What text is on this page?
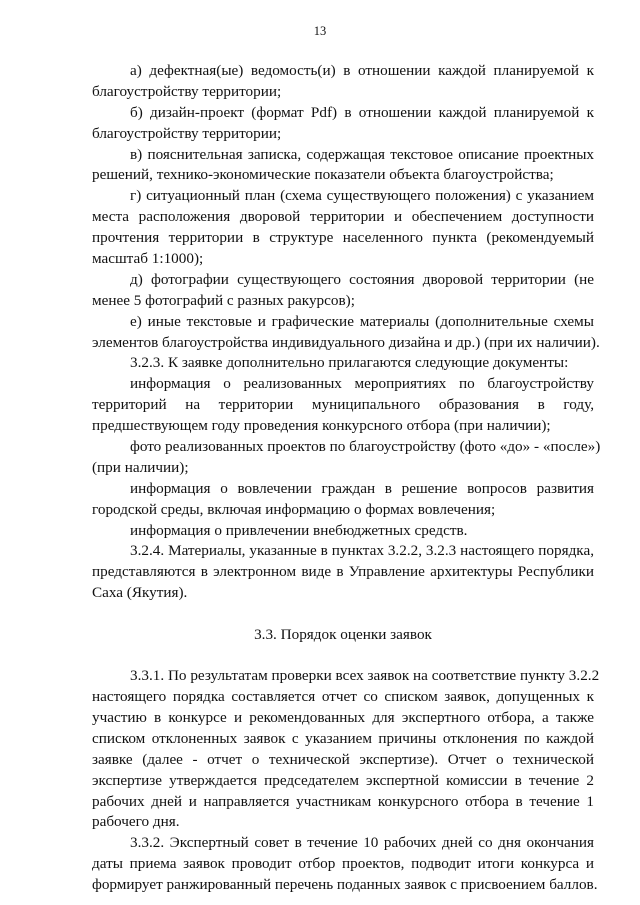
13
а) дефектная(ые) ведомость(и) в отношении каждой планируемой к
благоустройству территории;
б) дизайн-проект (формат Pdf) в отношении каждой планируемой к
благоустройству территории;
в) пояснительная записка, содержащая текстовое описание проектных
решений, технико-экономические показатели объекта благоустройства;
г) ситуационный план (схема существующего положения) с указанием
места расположения дворовой территории и обеспечением доступности
прочтения территории в структуре населенного пункта (рекомендуемый
масштаб 1:1000);
д) фотографии существующего состояния дворовой территории (не
менее 5 фотографий с разных ракурсов);
е) иные текстовые и графические материалы (дополнительные схемы
элементов благоустройства индивидуального дизайна и др.) (при их наличии).
3.2.3. К заявке дополнительно прилагаются следующие документы:
информация о реализованных мероприятиях по благоустройству
территорий на территории муниципального образования в году,
предшествующем году проведения конкурсного отбора (при наличии);
фото реализованных проектов по благоустройству (фото «до» - «после»)
(при наличии);
информация о вовлечении граждан в решение вопросов развития
городской среды, включая информацию о формах вовлечения;
информация о привлечении внебюджетных средств.
3.2.4. Материалы, указанные в пунктах 3.2.2, 3.2.3 настоящего порядка,
представляются в электронном виде в Управление архитектуры Республики
Саха (Якутия).
3.3. Порядок оценки заявок
3.3.1. По результатам проверки всех заявок на соответствие пункту 3.2.2
настоящего порядка составляется отчет со списком заявок, допущенных к
участию в конкурсе и рекомендованных для экспертного отбора, а также
списком отклоненных заявок с указанием причины отклонения по каждой
заявке (далее - отчет о технической экспертизе). Отчет о технической
экспертизе утверждается председателем экспертной комиссии в течение 2
рабочих дней и направляется участникам конкурсного отбора в течение 1
рабочего дня.
3.3.2. Экспертный совет в течение 10 рабочих дней со дня окончания
даты приема заявок проводит отбор проектов, подводит итоги конкурса и
формирует ранжированный перечень поданных заявок с присвоением баллов.
